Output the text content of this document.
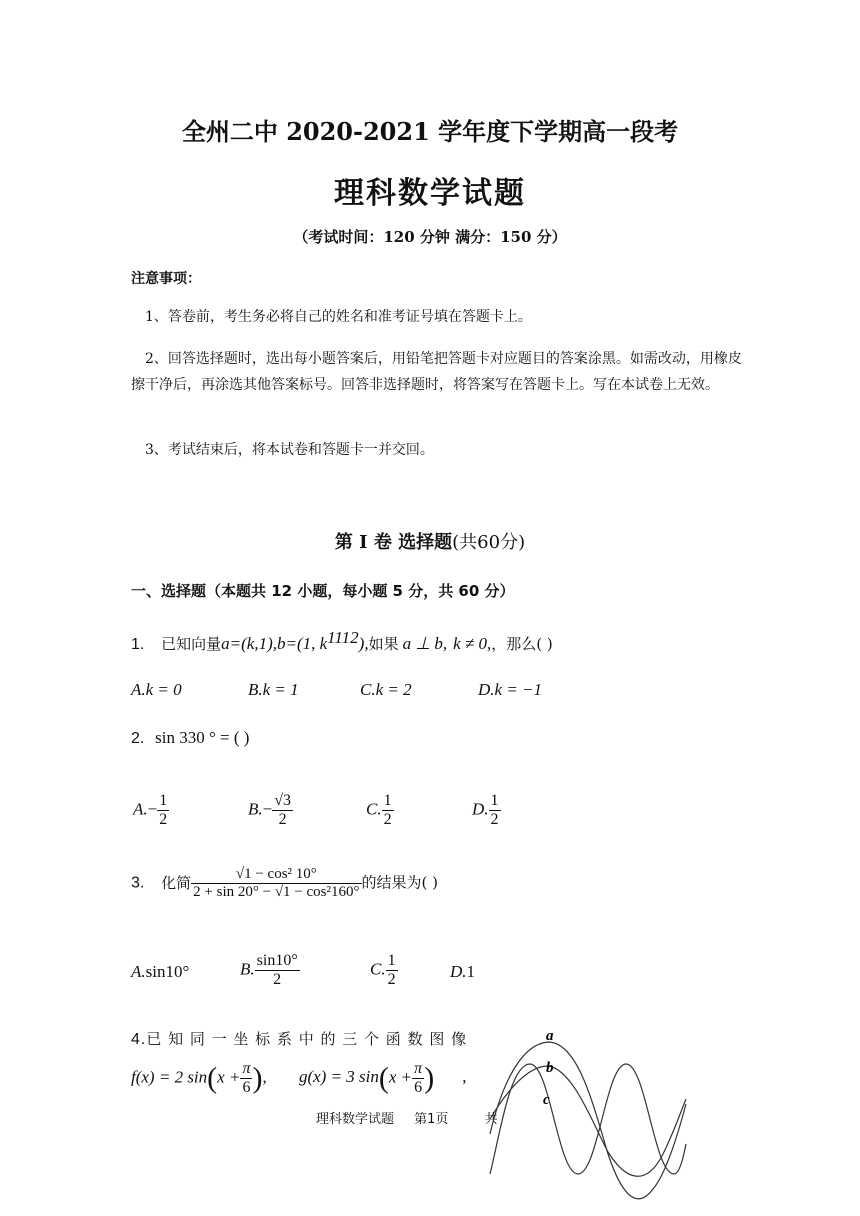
全州二中 2020-2021 学年度下学期高一段考
理科数学试题
（考试时间：120 分钟 满分：150 分）
注意事项：
1、答卷前，考生务必将自己的姓名和准考证号填在答题卡上。
2、回答选择题时，选出每小题答案后，用铅笔把答题卡对应题目的答案涂黑。如需改动，用橡皮擦干净后，再涂选其他答案标号。回答非选择题时，将答案写在答题卡上。写在本试卷上无效。
3、考试结束后，将本试卷和答题卡一并交回。
第 I 卷 选择题(共60分)
一、选择题（本题共 12 小题，每小题 5 分，共 60 分）
1. 已知向量a=(k,1),b=(1, $k^{1112}$),如果 a ⊥ b, k ≠ 0,，那么( )
A.k = 0	B.k = 1	C.k = 2	D.k = −1
2. sin 330 ° = ( )
$A.- \frac{1}{2}$	$B.- \frac{√3}{2}$	C. $\frac{1}{2}$	D. $\frac{1}{2}$
3. 化简 $\frac{\text{√1 − cos² 10°}}{\text{2 + sin 20° − √1 − cos²160°}}$ 的结果为( )
A.sin10°	B. $\frac{\sin 10^\circ}{2}$	C. $\frac{1}{2}$	D.1
4.已 知 同 一 坐 标 系 中 的 三 个 函 数 图 像
f(x) = 2 $\sin(x + \frac{\pi}{6}$ ), g(x) = 3 $\sin(x + \frac{\pi}{6}$ ) ,
a
b
c
理科数学试题 第1页	共
